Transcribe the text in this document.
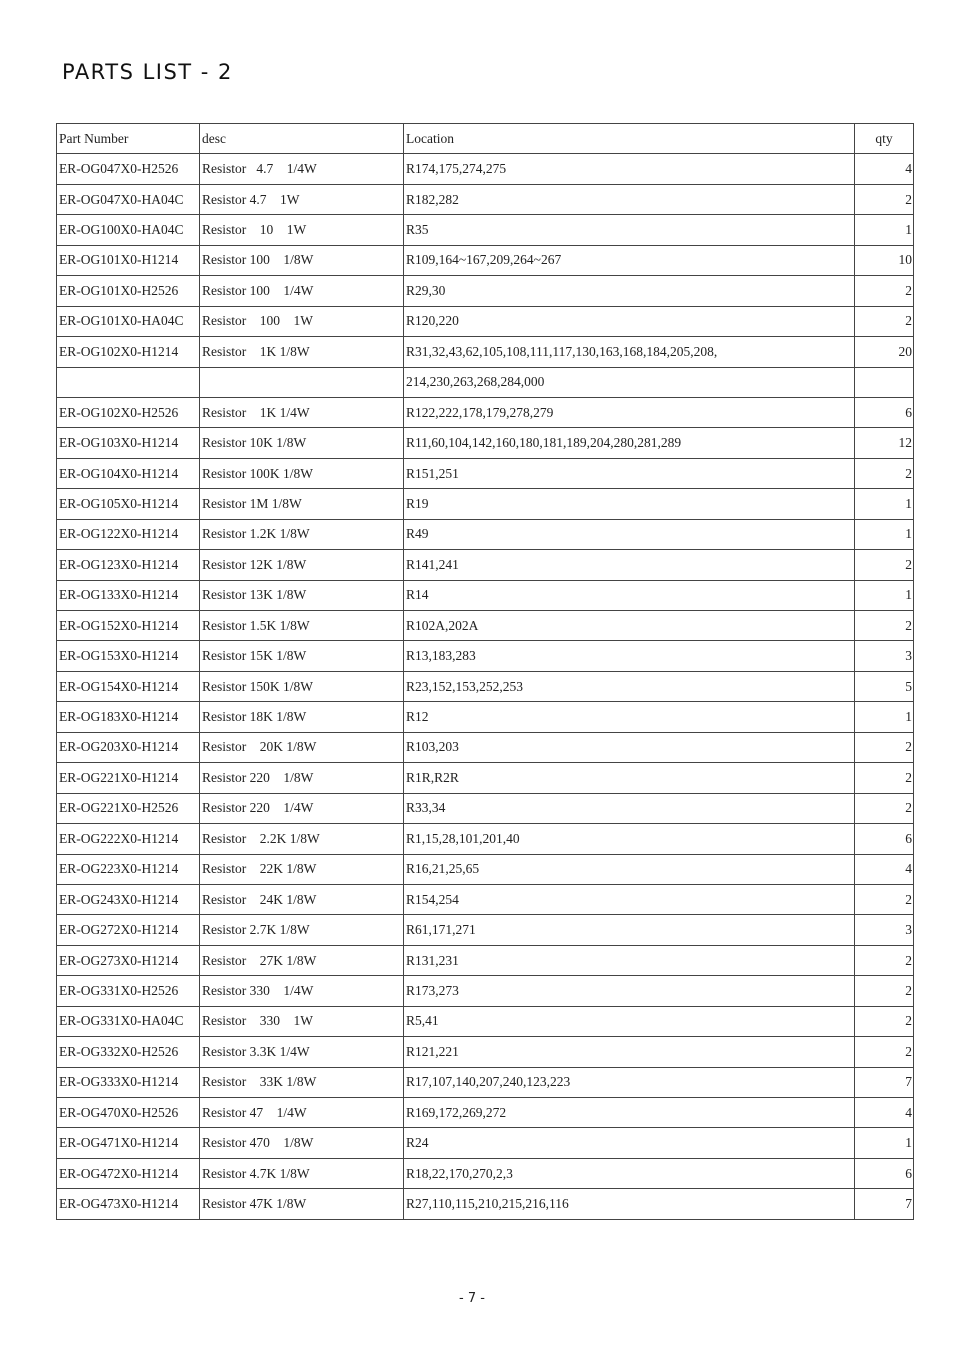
PARTS LIST - 2
Part Number	desc	Location	qty
ER-OG047X0-H2526	Resistor   4.7    1/4W	R174,175,274,275	4
ER-OG047X0-HA04C	Resistor 4.7    1W	R182,282	2
ER-OG100X0-HA04C	Resistor    10    1W	R35	1
ER-OG101X0-H1214	Resistor 100    1/8W	R109,164~167,209,264~267	10
ER-OG101X0-H2526	Resistor 100    1/4W	R29,30	2
ER-OG101X0-HA04C	Resistor    100    1W	R120,220	2
ER-OG102X0-H1214	Resistor    1K 1/8W	R31,32,43,62,105,108,111,117,130,163,168,184,205,208,	20
		214,230,263,268,284,000	
ER-OG102X0-H2526	Resistor    1K 1/4W	R122,222,178,179,278,279	6
ER-OG103X0-H1214	Resistor 10K 1/8W	R11,60,104,142,160,180,181,189,204,280,281,289	12
ER-OG104X0-H1214	Resistor 100K 1/8W	R151,251	2
ER-OG105X0-H1214	Resistor 1M 1/8W	R19	1
ER-OG122X0-H1214	Resistor 1.2K 1/8W	R49	1
ER-OG123X0-H1214	Resistor 12K 1/8W	R141,241	2
ER-OG133X0-H1214	Resistor 13K 1/8W	R14	1
ER-OG152X0-H1214	Resistor 1.5K 1/8W	R102A,202A	2
ER-OG153X0-H1214	Resistor 15K 1/8W	R13,183,283	3
ER-OG154X0-H1214	Resistor 150K 1/8W	R23,152,153,252,253	5
ER-OG183X0-H1214	Resistor 18K 1/8W	R12	1
ER-OG203X0-H1214	Resistor    20K 1/8W	R103,203	2
ER-OG221X0-H1214	Resistor 220    1/8W	R1R,R2R	2
ER-OG221X0-H2526	Resistor 220    1/4W	R33,34	2
ER-OG222X0-H1214	Resistor    2.2K 1/8W	R1,15,28,101,201,40	6
ER-OG223X0-H1214	Resistor    22K 1/8W	R16,21,25,65	4
ER-OG243X0-H1214	Resistor    24K 1/8W	R154,254	2
ER-OG272X0-H1214	Resistor 2.7K 1/8W	R61,171,271	3
ER-OG273X0-H1214	Resistor    27K 1/8W	R131,231	2
ER-OG331X0-H2526	Resistor 330    1/4W	R173,273	2
ER-OG331X0-HA04C	Resistor    330    1W	R5,41	2
ER-OG332X0-H2526	Resistor 3.3K 1/4W	R121,221	2
ER-OG333X0-H1214	Resistor    33K 1/8W	R17,107,140,207,240,123,223	7
ER-OG470X0-H2526	Resistor 47    1/4W	R169,172,269,272	4
ER-OG471X0-H1214	Resistor 470    1/8W	R24	1
ER-OG472X0-H1214	Resistor 4.7K 1/8W	R18,22,170,270,2,3	6
ER-OG473X0-H1214	Resistor 47K 1/8W	R27,110,115,210,215,216,116	7
- 7 -
